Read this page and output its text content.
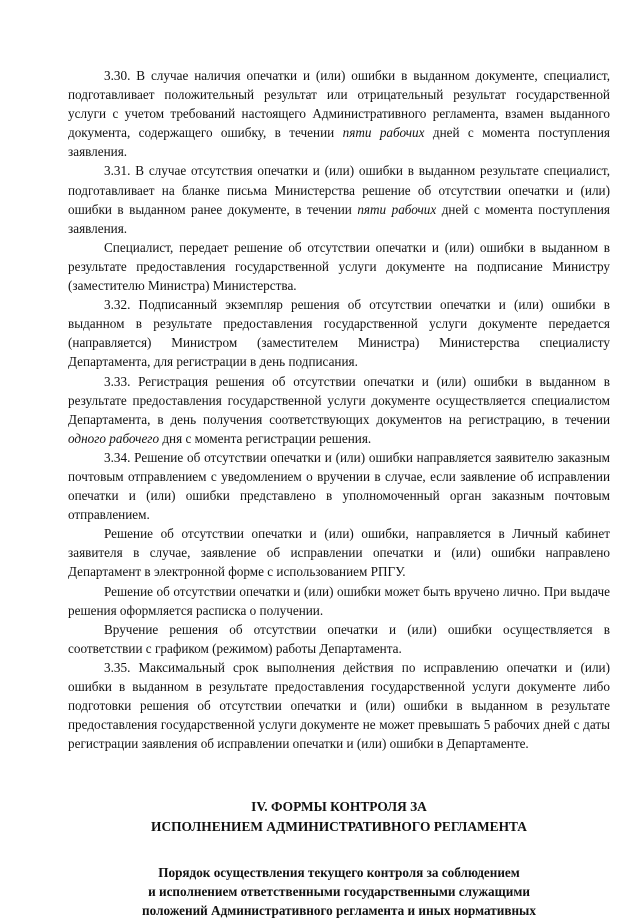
3.30. В случае наличия опечатки и (или) ошибки в выданном документе, специалист, подготавливает положительный результат или отрицательный результат государственной услуги с учетом требований настоящего Административного регламента, взамен выданного документа, содержащего ошибку, в течении пяти рабочих дней с момента поступления заявления.

3.31. В случае отсутствия опечатки и (или) ошибки в выданном результате специалист, подготавливает на бланке письма Министерства решение об отсутствии опечатки и (или) ошибки в выданном ранее документе, в течении пяти рабочих дней с момента поступления заявления.

Специалист, передает решение об отсутствии опечатки и (или) ошибки в выданном в результате предоставления государственной услуги документе на подписание Министру (заместителю Министра) Министерства.

3.32. Подписанный экземпляр решения об отсутствии опечатки и (или) ошибки в выданном в результате предоставления государственной услуги документе передается (направляется) Министром (заместителем Министра) Министерства специалисту Департамента, для регистрации в день подписания.

3.33. Регистрация решения об отсутствии опечатки и (или) ошибки в выданном в результате предоставления государственной услуги документе осуществляется специалистом Департамента, в день получения соответствующих документов на регистрацию, в течении одного рабочего дня с момента регистрации решения.

3.34. Решение об отсутствии опечатки и (или) ошибки направляется заявителю заказным почтовым отправлением с уведомлением о вручении в случае, если заявление об исправлении опечатки и (или) ошибки представлено в уполномоченный орган заказным почтовым отправлением.

Решение об отсутствии опечатки и (или) ошибки, направляется в Личный кабинет заявителя в случае, заявление об исправлении опечатки и (или) ошибки направлено Департамент в электронной форме с использованием РПГУ.

Решение об отсутствии опечатки и (или) ошибки может быть вручено лично. При выдаче решения оформляется расписка о получении.

Вручение решения об отсутствии опечатки и (или) ошибки осуществляется в соответствии с графиком (режимом) работы Департамента.

3.35. Максимальный срок выполнения действия по исправлению опечатки и (или) ошибки в выданном в результате предоставления государственной услуги документе либо подготовки решения об отсутствии опечатки и (или) ошибки в выданном в результате предоставления государственной услуги документе не может превышать 5 рабочих дней с даты регистрации заявления об исправлении опечатки и (или) ошибки в Департаменте.

IV. ФОРМЫ КОНТРОЛЯ ЗА
ИСПОЛНЕНИЕМ АДМИНИСТРАТИВНОГО РЕГЛАМЕНТА
Порядок осуществления текущего контроля за соблюдением
и исполнением ответственными государственными служащими
положений Административного регламента и иных нормативных
